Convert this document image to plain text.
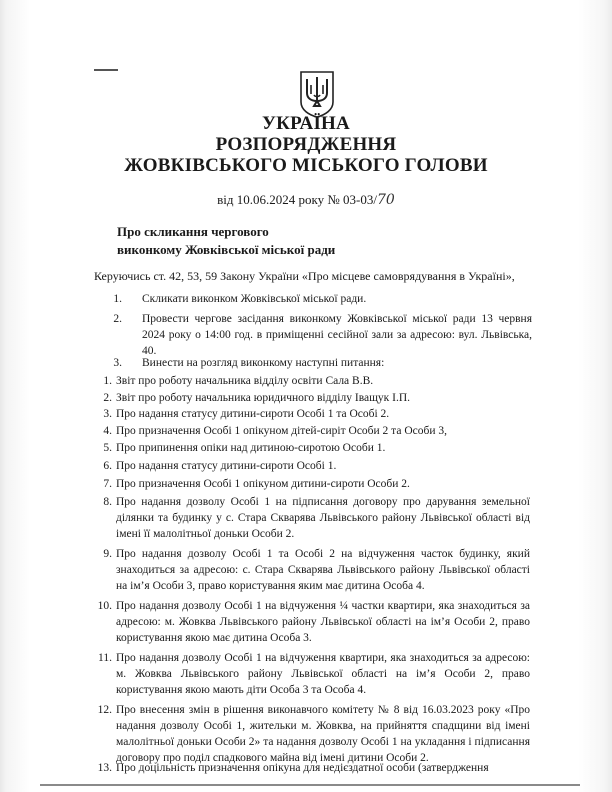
УКРАЇНА
РОЗПОРЯДЖЕННЯ
ЖОВКІВСЬКОГО МІСЬКОГО ГОЛОВИ
від 10.06.2024 року № 03-03/70
Про скликання чергового
виконкому Жовківської міської ради
Керуючись ст. 42, 53, 59 Закону України «Про місцеве самоврядування в Україні»,
1. Скликати виконком Жовківської міської ради.
2. Провести чергове засідання виконкому Жовківської міської ради 13 червня 2024 року о 14:00 год. в приміщенні сесійної зали за адресою: вул. Львівська, 40.
3. Винести на розгляд виконкому наступні питання:
1. Звіт про роботу начальника відділу освіти Сала В.В.
2. Звіт про роботу начальника юридичного відділу Іващук І.П.
3. Про надання статусу дитини-сироти Особі 1 та Особі 2.
4. Про призначення Особі 1 опікуном дітей-сиріт Особи 2 та Особи 3,
5. Про припинення опіки над дитиною-сиротою Особи 1.
6. Про надання статусу дитини-сироти Особі 1.
7. Про призначення Особі 1 опікуном дитини-сироти Особи 2.
8. Про надання дозволу Особі 1 на підписання договору про дарування земельної ділянки та будинку у с. Стара Скварява Львівського району Львівської області від імені її малолітньої доньки Особи 2.
9. Про надання дозволу Особі 1 та Особі 2 на відчуження часток будинку, який знаходиться за адресою: с. Стара Скварява Львівського району Львівської області на ім’я Особи 3, право користування яким має дитина Особа 4.
10. Про надання дозволу Особі 1 на відчуження ¼ частки квартири, яка знаходиться за адресою: м. Жовква Львівського району Львівської області на ім’я Особи 2, право користування якою має дитина Особа 3.
11. Про надання дозволу Особі 1 на відчуження квартири, яка знаходиться за адресою: м. Жовква Львівського району Львівської області на ім’я Особи 2, право користування якою мають діти Особа 3 та Особа 4.
12. Про внесення змін в рішення виконавчого комітету № 8 від 16.03.2023 року «Про надання дозволу Особі 1, жительки м. Жовква, на прийняття спадщини від імені малолітньої доньки Особи 2» та надання дозволу Особі 1 на укладання і підписання договору про поділ спадкового майна від імені дитини Особи 2.
13. Про доцільність призначення опікуна для недієздатної особи (затвердження
